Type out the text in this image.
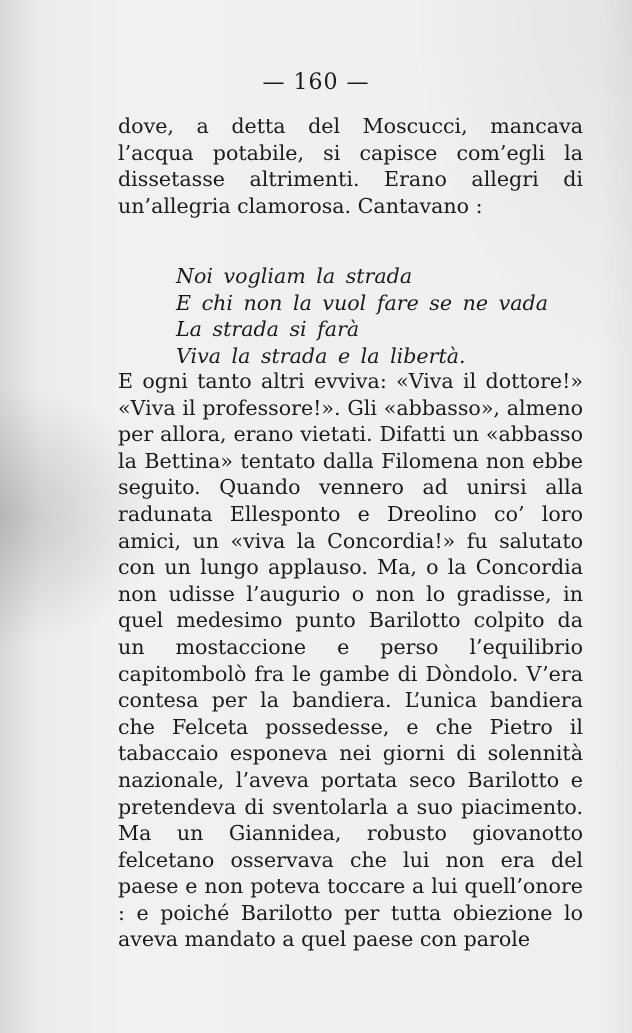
— 160 —
dove, a detta del Moscucci, mancava l’acqua potabile, si capisce com’egli la dissetasse altrimenti. Erano allegri di un’allegria clamorosa. Cantavano :
Noi vogliam la strada
E chi non la vuol fare se ne vada
La strada si farà
Viva la strada e la libertà.
E ogni tanto altri evviva: «Viva il dottore!» «Viva il professore!». Gli «abbasso», almeno per allora, erano vietati. Difatti un «abbasso la Bettina» tentato dalla Filomena non ebbe seguito. Quando vennero ad unirsi alla radunata Ellesponto e Dreolino co’ loro amici, un «viva la Concordia!» fu salutato con un lungo applauso. Ma, o la Concordia non udisse l’augurio o non lo gradisse, in quel medesimo punto Barilotto colpito da un mostaccione e perso l’equilibrio capitombolò fra le gambe di Dòndolo. V’era contesa per la bandiera. L’unica bandiera che Felceta possedesse, e che Pietro il tabaccaio esponeva nei giorni di solennità nazionale, l’aveva portata seco Barilotto e pretendeva di sventolarla a suo piacimento. Ma un Giannidea, robusto giovanotto felcetano osservava che lui non era del paese e non poteva toccare a lui quell’onore : e poiché Barilotto per tutta obiezione lo aveva mandato a quel paese con parole
